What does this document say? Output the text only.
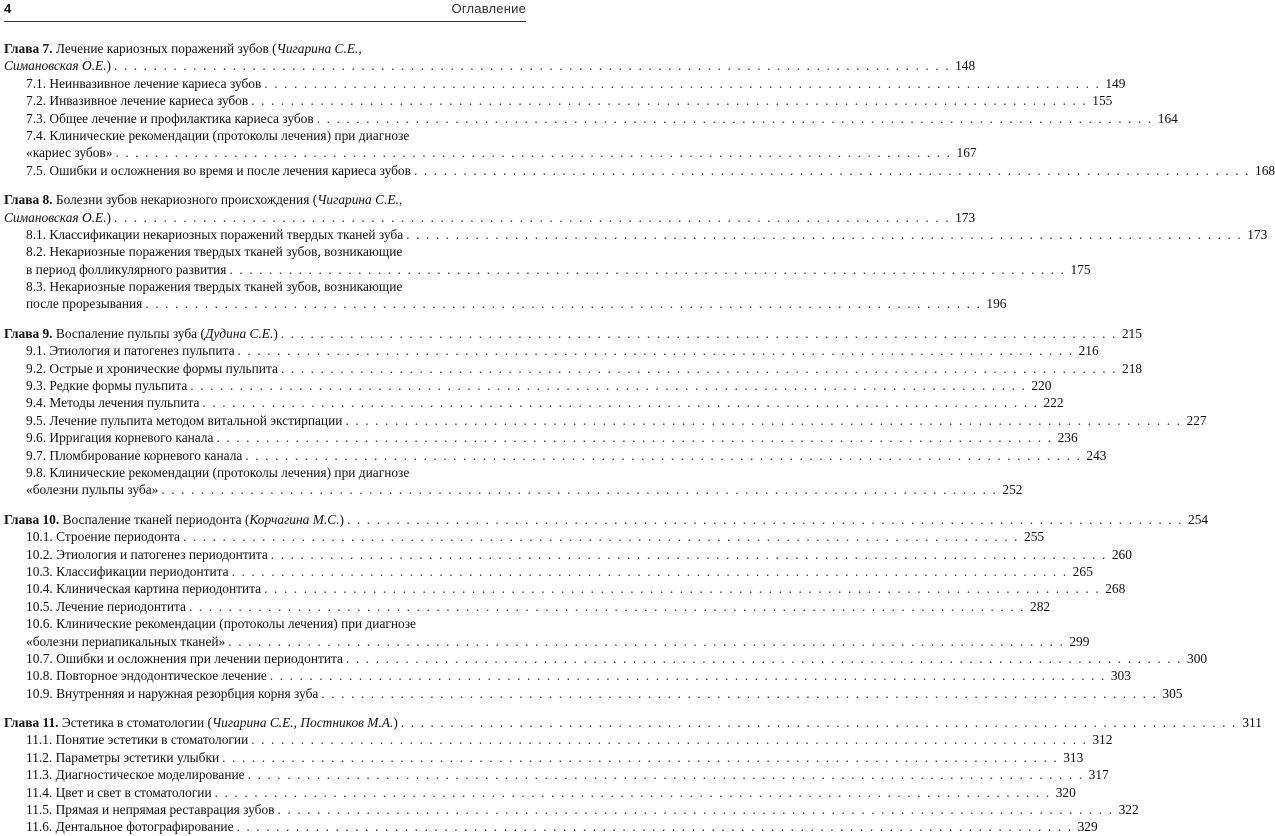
4	Оглавление
Глава 7. Лечение кариозных поражений зубов (Чигарина С.Е.,
Симановская О.Е.) . . .	148
7.1. Неинвазивное лечение кариеса зубов . . .	149
7.2. Инвазивное лечение кариеса зубов . . .	155
7.3. Общее лечение и профилактика кариеса зубов . . .	164
7.4. Клинические рекомендации (протоколы лечения) при диагнозе
«кариес зубов» . . .	167
7.5. Ошибки и осложнения во время и после лечения кариеса зубов . . .	168
Глава 8. Болезни зубов некариозного происхождения (Чигарина С.Е.,
Симановская О.Е.) . . .	173
8.1. Классификации некариозных поражений твердых тканей зуба . . .	173
8.2. Некариозные поражения твердых тканей зубов, возникающие
в период фолликулярного развития . . .	175
8.3. Некариозные поражения твердых тканей зубов, возникающие
после прорезывания . . .	196
Глава 9. Воспаление пульпы зуба (Дудина С.Е.) . . .	215
9.1. Этиология и патогенез пульпита . . .	216
9.2. Острые и хронические формы пульпита . . .	218
9.3. Редкие формы пульпита . . .	220
9.4. Методы лечения пульпита . . .	222
9.5. Лечение пульпита методом витальной экстирпации . . .	227
9.6. Ирригация корневого канала . . .	236
9.7. Пломбирование корневого канала . . .	243
9.8. Клинические рекомендации (протоколы лечения) при диагнозе
«болезни пульпы зуба» . . .	252
Глава 10. Воспаление тканей периодонта (Корчагина М.С.) . . .	254
10.1. Строение периодонта . . .	255
10.2. Этиология и патогенез периодонтита . . .	260
10.3. Классификации периодонтита . . .	265
10.4. Клиническая картина периодонтита . . .	268
10.5. Лечение периодонтита . . .	282
10.6. Клинические рекомендации (протоколы лечения) при диагнозе
«болезни периапикальных тканей» . . .	299
10.7. Ошибки и осложнения при лечении периодонтита . . .	300
10.8. Повторное эндодонтическое лечение . . .	303
10.9. Внутренняя и наружная резорбция корня зуба . . .	305
Глава 11. Эстетика в стоматологии (Чигарина С.Е., Постников М.А.) . . .	311
11.1. Понятие эстетики в стоматологии . . .	312
11.2. Параметры эстетики улыбки . . .	313
11.3. Диагностическое моделирование . . .	317
11.4. Цвет и свет в стоматологии . . .	320
11.5. Прямая и непрямая реставрация зубов . . .	322
11.6. Дентальное фотографирование . . .	329
